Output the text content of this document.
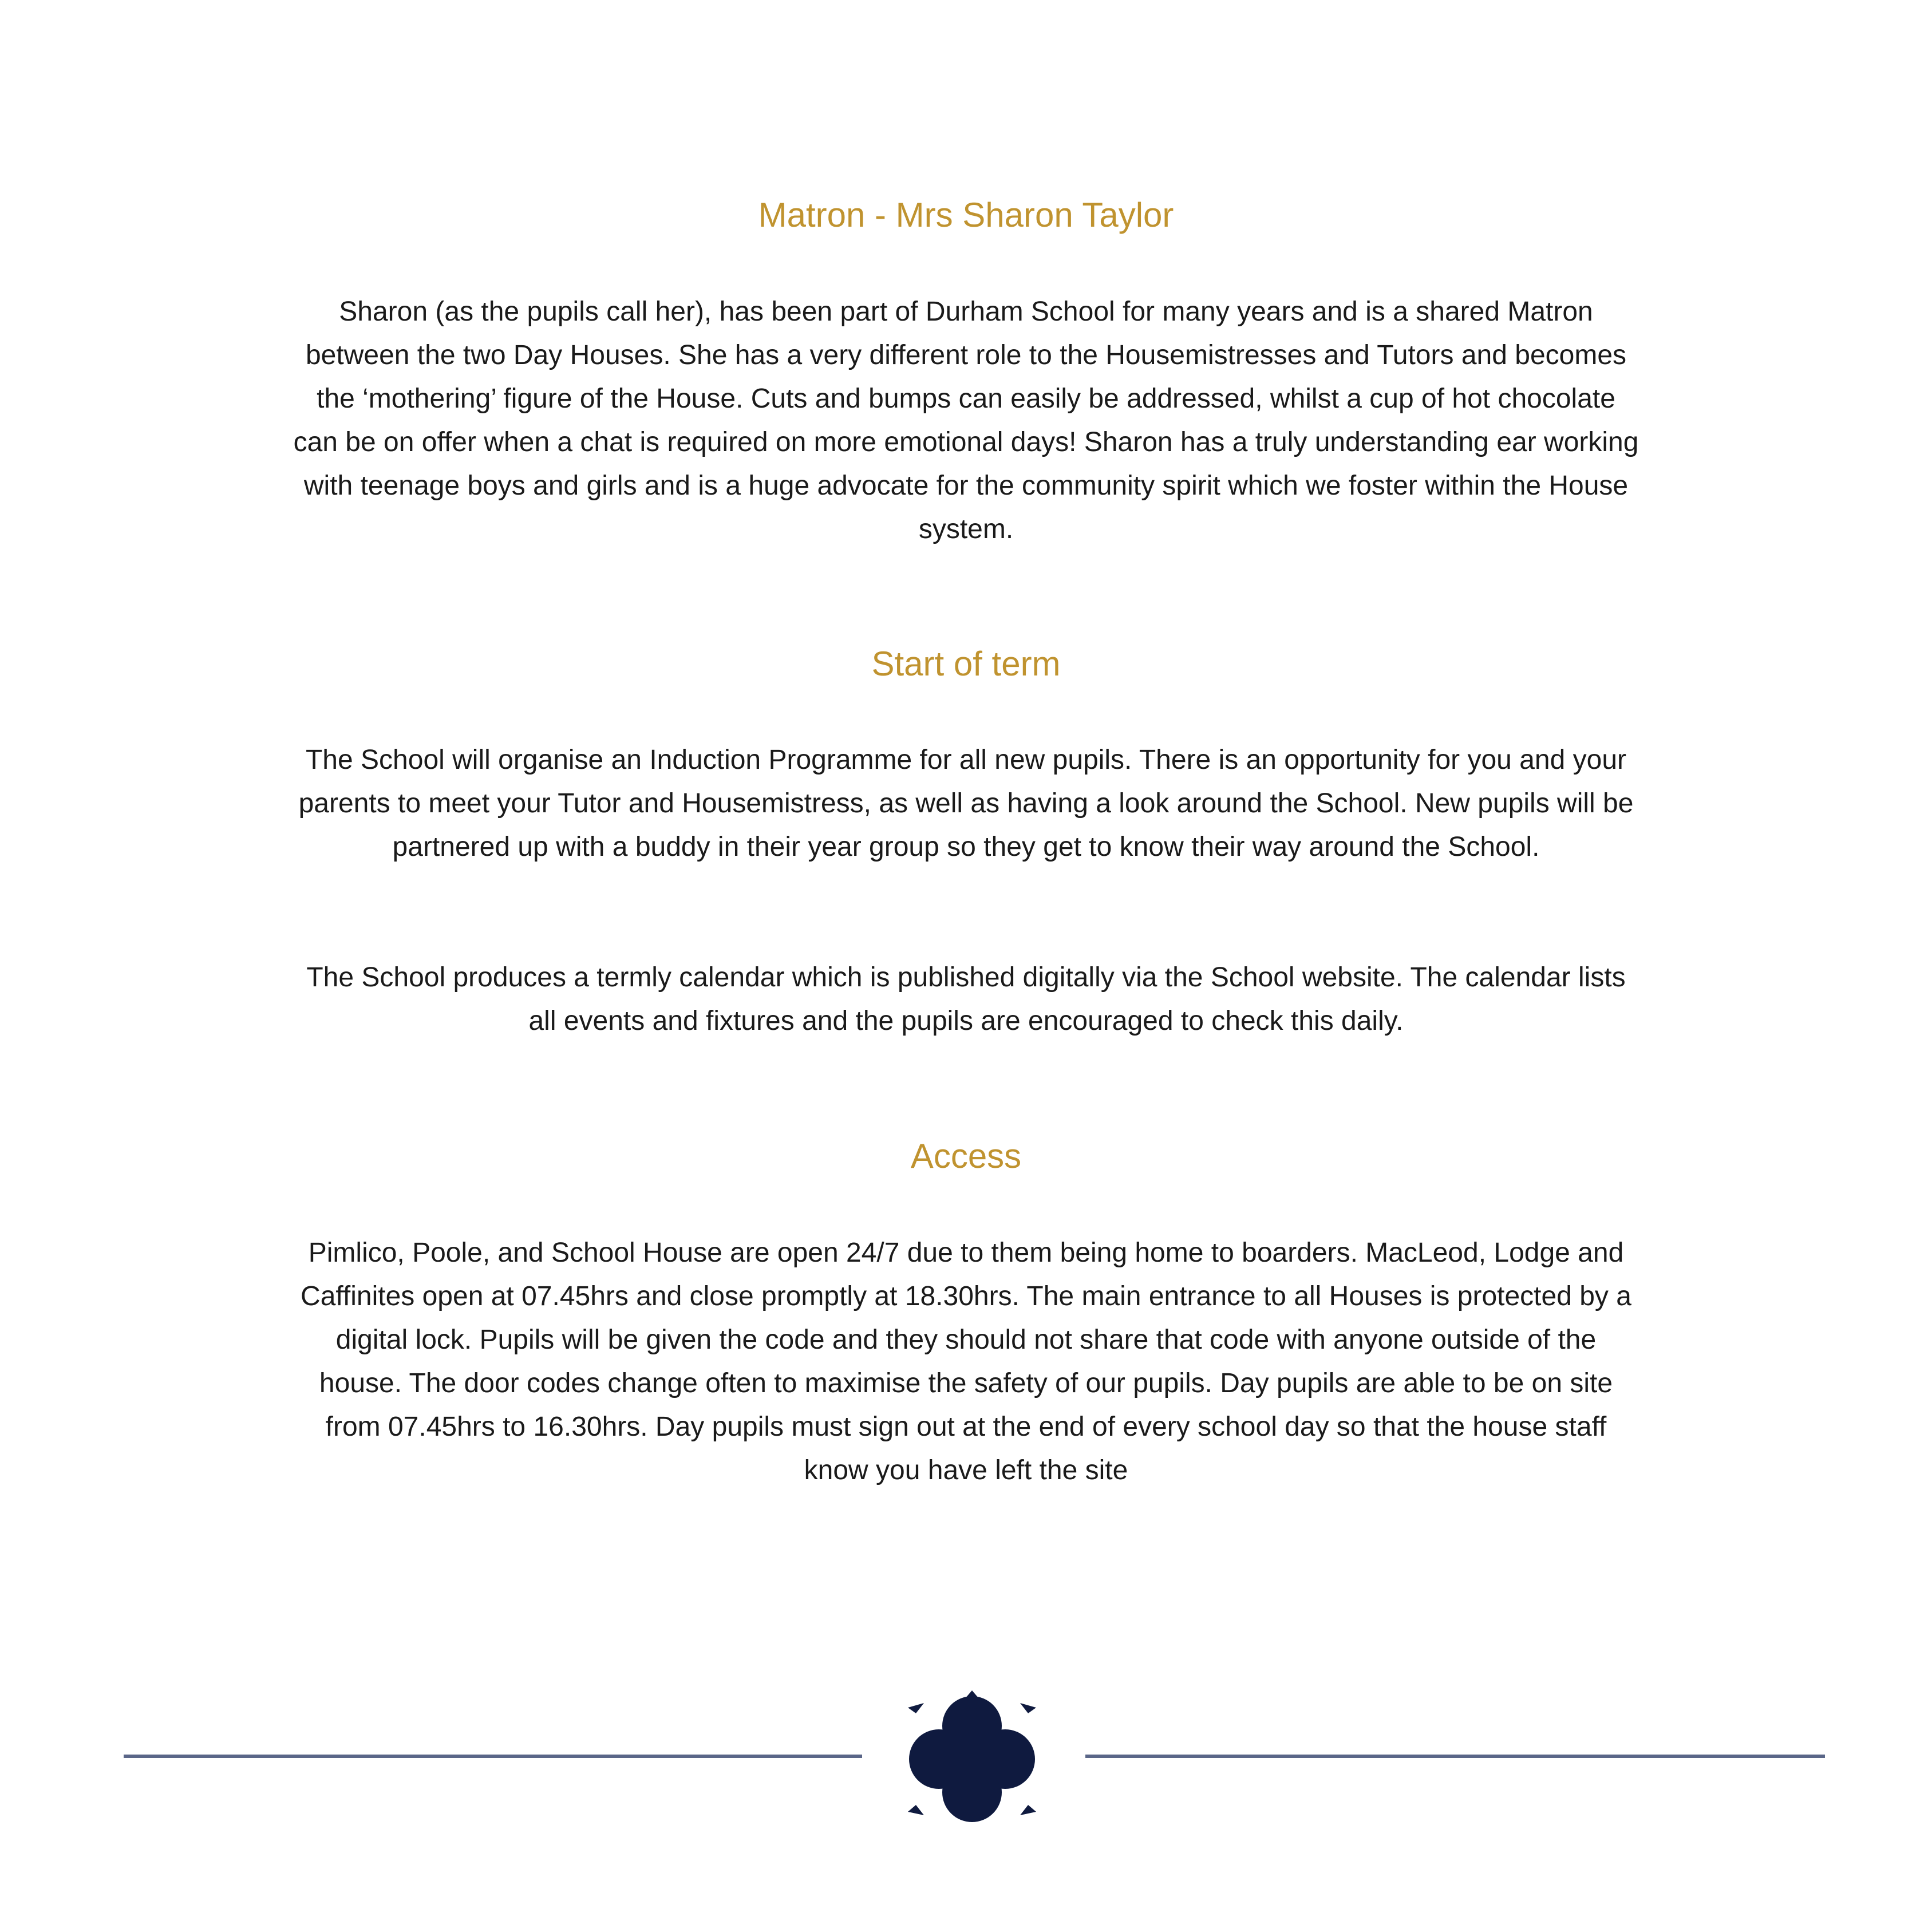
Matron - Mrs Sharon Taylor

Sharon (as the pupils call her), has been part of Durham School for many years and is a shared Matron between the two Day Houses. She has a very different role to the Housemistresses and Tutors and becomes the ‘mothering’ figure of the House. Cuts and bumps can easily be addressed, whilst a cup of hot chocolate can be on offer when a chat is required on more emotional days! Sharon has a truly understanding ear working with teenage boys and girls and is a huge advocate for the community spirit which we foster within the House system.

Start of term

The School will organise an Induction Programme for all new pupils. There is an opportunity for you and your parents to meet your Tutor and Housemistress, as well as having a look around the School. New pupils will be partnered up with a buddy in their year group so they get to know their way around the School.

The School produces a termly calendar which is published digitally via the School website. The calendar lists all events and fixtures and the pupils are encouraged to check this daily.

Access

Pimlico, Poole, and School House are open 24/7 due to them being home to boarders. MacLeod, Lodge and Caffinites open at 07.45hrs and close promptly at 18.30hrs. The main entrance to all Houses is protected by a digital lock. Pupils will be given the code and they should not share that code with anyone outside of the house. The door codes change often to maximise the safety of our pupils. Day pupils are able to be on site from 07.45hrs to 16.30hrs. Day pupils must sign out at the end of every school day so that the house staff know you have left the site
